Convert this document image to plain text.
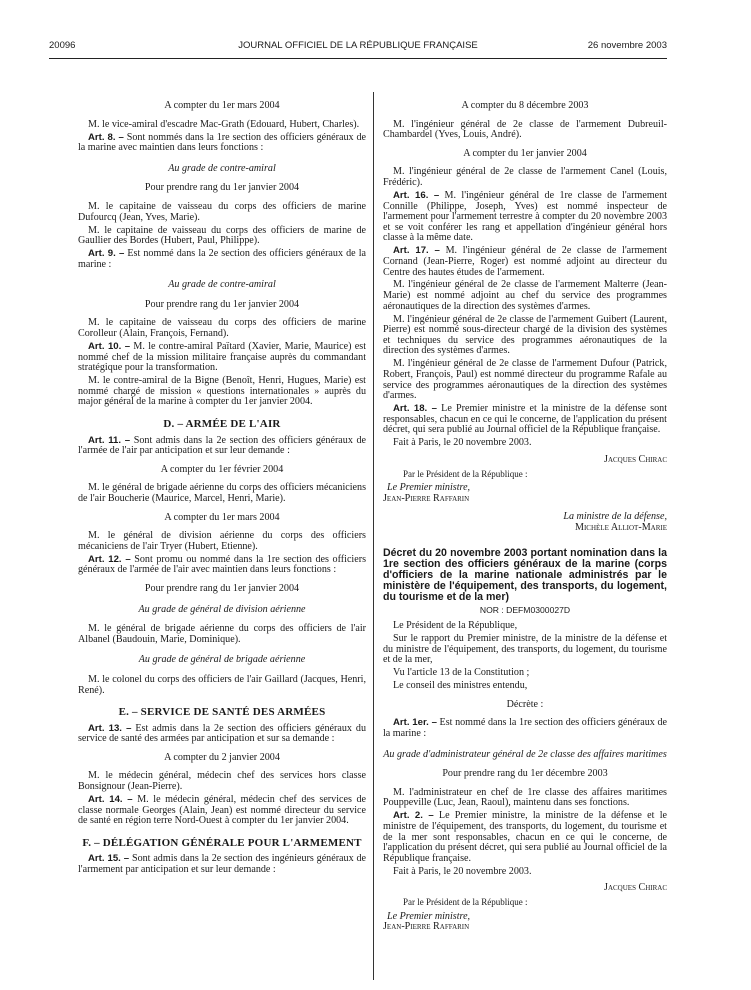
20096	JOURNAL OFFICIEL DE LA RÉPUBLIQUE FRANÇAISE	26 novembre 2003

A compter du 1er mars 2004

M. le vice-amiral d'escadre Mac-Grath (Edouard, Hubert, Charles).

Art. 8. – Sont nommés dans la 1re section des officiers généraux de la marine avec maintien dans leurs fonctions :

Au grade de contre-amiral

Pour prendre rang du 1er janvier 2004

M. le capitaine de vaisseau du corps des officiers de marine Dufourcq (Jean, Yves, Marie).

M. le capitaine de vaisseau du corps des officiers de marine de Gaullier des Bordes (Hubert, Paul, Philippe).

Art. 9. – Est nommé dans la 2e section des officiers généraux de la marine :

Au grade de contre-amiral

Pour prendre rang du 1er janvier 2004

M. le capitaine de vaisseau du corps des officiers de marine Corolleur (Alain, François, Fernand).

Art. 10. – M. le contre-amiral Païtard (Xavier, Marie, Maurice) est nommé chef de la mission militaire française auprès du commandant stratégique pour la transformation.

M. le contre-amiral de la Bigne (Benoît, Henri, Hugues, Marie) est nommé chargé de mission « questions internationales » auprès du major général de la marine à compter du 1er janvier 2004.

D. – ARMÉE DE L'AIR

Art. 11. – Sont admis dans la 2e section des officiers généraux de l'armée de l'air par anticipation et sur leur demande :

A compter du 1er février 2004

M. le général de brigade aérienne du corps des officiers mécaniciens de l'air Boucherie (Maurice, Marcel, Henri, Marie).

A compter du 1er mars 2004

M. le général de division aérienne du corps des officiers mécaniciens de l'air Tryer (Hubert, Etienne).

Art. 12. – Sont promu ou nommé dans la 1re section des officiers généraux de l'armée de l'air avec maintien dans leurs fonctions :

Pour prendre rang du 1er janvier 2004

Au grade de général de division aérienne

M. le général de brigade aérienne du corps des officiers de l'air Albanel (Baudouin, Marie, Dominique).

Au grade de général de brigade aérienne

M. le colonel du corps des officiers de l'air Gaillard (Jacques, Henri, René).

E. – SERVICE DE SANTÉ DES ARMÉES

Art. 13. – Est admis dans la 2e section des officiers généraux du service de santé des armées par anticipation et sur sa demande :

A compter du 2 janvier 2004

M. le médecin général, médecin chef des services hors classe Bonsignour (Jean-Pierre).

Art. 14. – M. le médecin général, médecin chef des services de classe normale Georges (Alain, Jean) est nommé directeur du service de santé en région terre Nord-Ouest à compter du 1er janvier 2004.

F. – DÉLÉGATION GÉNÉRALE POUR L'ARMEMENT

Art. 15. – Sont admis dans la 2e section des ingénieurs généraux de l'armement par anticipation et sur leur demande :

A compter du 8 décembre 2003

M. l'ingénieur général de 2e classe de l'armement Dubreuil-Chambardel (Yves, Louis, André).

A compter du 1er janvier 2004

M. l'ingénieur général de 2e classe de l'armement Canel (Louis, Frédéric).

Art. 16. – M. l'ingénieur général de 1re classe de l'armement Connille (Philippe, Joseph, Yves) est nommé inspecteur de l'armement pour l'armement terrestre à compter du 20 novembre 2003 et se voit conférer les rang et appellation d'ingénieur général hors classe à la même date.

Art. 17. – M. l'ingénieur général de 2e classe de l'armement Cornand (Jean-Pierre, Roger) est nommé adjoint au directeur du Centre des hautes études de l'armement.

M. l'ingénieur général de 2e classe de l'armement Malterre (Jean-Marie) est nommé adjoint au chef du service des programmes aéronautiques de la direction des systèmes d'armes.

M. l'ingénieur général de 2e classe de l'armement Guibert (Laurent, Pierre) est nommé sous-directeur chargé de la division des systèmes et techniques du service des programmes aéronautiques de la direction des systèmes d'armes.

M. l'ingénieur général de 2e classe de l'armement Dufour (Patrick, Robert, François, Paul) est nommé directeur du programme Rafale au service des programmes aéronautiques de la direction des systèmes d'armes.

Art. 18. – Le Premier ministre et la ministre de la défense sont responsables, chacun en ce qui le concerne, de l'application du présent décret, qui sera publié au Journal officiel de la République française.

Fait à Paris, le 20 novembre 2003.

Jacques Chirac

Par le Président de la République :

Le Premier ministre,

Jean-Pierre Raffarin

La ministre de la défense,

Michèle Alliot-Marie

Décret du 20 novembre 2003 portant nomination dans la 1re section des officiers généraux de la marine (corps d'officiers de la marine nationale administrés par le ministère de l'équipement, des transports, du logement, du tourisme et de la mer)

NOR : DEFM0300027D

Le Président de la République,

Sur le rapport du Premier ministre, de la ministre de la défense et du ministre de l'équipement, des transports, du logement, du tourisme et de la mer,

Vu l'article 13 de la Constitution ;

Le conseil des ministres entendu,

Décrète :

Art. 1er. – Est nommé dans la 1re section des officiers généraux de la marine :

Au grade d'administrateur général de 2e classe des affaires maritimes

Pour prendre rang du 1er décembre 2003

M. l'administrateur en chef de 1re classe des affaires maritimes Pouppeville (Luc, Jean, Raoul), maintenu dans ses fonctions.

Art. 2. – Le Premier ministre, la ministre de la défense et le ministre de l'équipement, des transports, du logement, du tourisme et de la mer sont responsables, chacun en ce qui le concerne, de l'application du présent décret, qui sera publié au Journal officiel de la République française.

Fait à Paris, le 20 novembre 2003.

Jacques Chirac

Par le Président de la République :

Le Premier ministre,

Jean-Pierre Raffarin
